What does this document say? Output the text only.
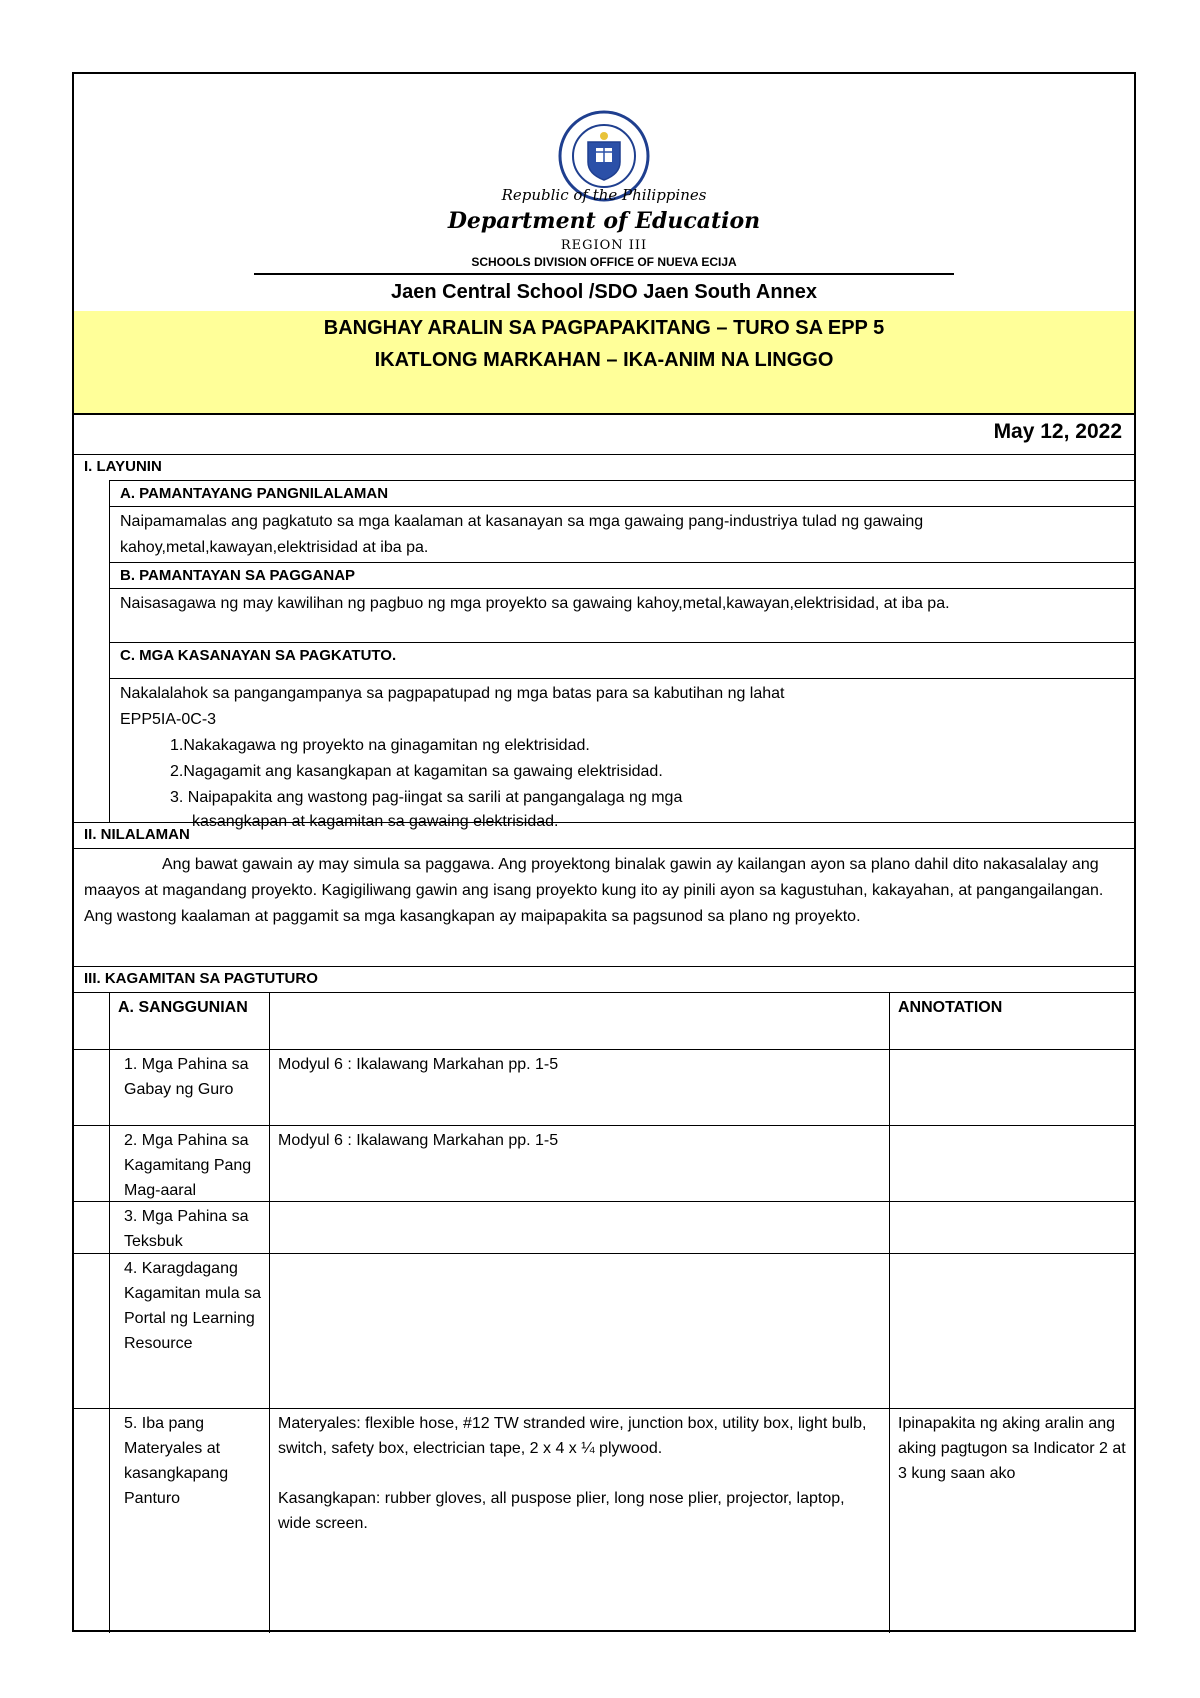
Republic of the Philippines
Department of Education
REGION III
SCHOOLS DIVISION OFFICE OF NUEVA ECIJA
Jaen Central School /SDO Jaen South Annex
BANGHAY ARALIN SA PAGPAPAKITANG – TURO SA EPP 5
IKATLONG MARKAHAN – IKA-ANIM NA LINGGO
May 12, 2022
I. LAYUNIN
A. PAMANTAYANG PANGNILALAMAN
Naipamamalas ang pagkatuto sa mga kaalaman at kasanayan sa mga gawaing pang-industriya tulad ng gawaing kahoy,metal,kawayan,elektrisidad at iba pa.
B. PAMANTAYAN SA PAGGANAP
Naisasagawa ng may kawilihan ng pagbuo ng mga proyekto sa gawaing kahoy,metal,kawayan,elektrisidad, at iba pa.
C. MGA KASANAYAN SA PAGKATUTO.
Nakalalahok sa pangangampanya sa pagpapatupad ng mga batas para sa kabutihan ng lahat
EPP5IA-0C-3
1.Nakakagawa ng proyekto na ginagamitan ng elektrisidad.
2.Nagagamit ang kasangkapan at kagamitan sa gawaing elektrisidad.
3. Naipapakita ang wastong pag-iingat sa sarili at pangangalaga ng mga
kasangkapan at kagamitan sa gawaing elektrisidad.
II. NILALAMAN
Ang bawat gawain ay may simula sa paggawa. Ang proyektong binalak gawin ay kailangan ayon sa plano dahil dito nakasalalay ang maayos at magandang proyekto. Kagigiliwang gawin ang isang proyekto kung ito ay pinili ayon sa kagustuhan, kakayahan, at pangangailangan. Ang wastong kaalaman at paggamit sa mga kasangkapan ay maipapakita sa pagsunod sa plano ng proyekto.
III. KAGAMITAN SA PAGTUTURO
A. SANGGUNIAN	ANNOTATION
1. Mga Pahina sa Gabay ng Guro
Modyul 6 : Ikalawang Markahan pp. 1-5
2. Mga Pahina sa Kagamitang Pang Mag-aaral
Modyul 6 : Ikalawang Markahan pp. 1-5
3. Mga Pahina sa Teksbuk
4. Karagdagang Kagamitan mula sa Portal ng Learning Resource
5. Iba pang Materyales at kasangkapang Panturo
Materyales: flexible hose, #12 TW stranded wire, junction box, utility box, light bulb, switch, safety box, electrician tape, 2 x 4 x ¼ plywood.
Kasangkapan: rubber gloves, all puspose plier, long nose plier, projector, laptop, wide screen.
Ipinapakita ng aking aralin ang aking pagtugon sa Indicator 2 at 3 kung saan ako
